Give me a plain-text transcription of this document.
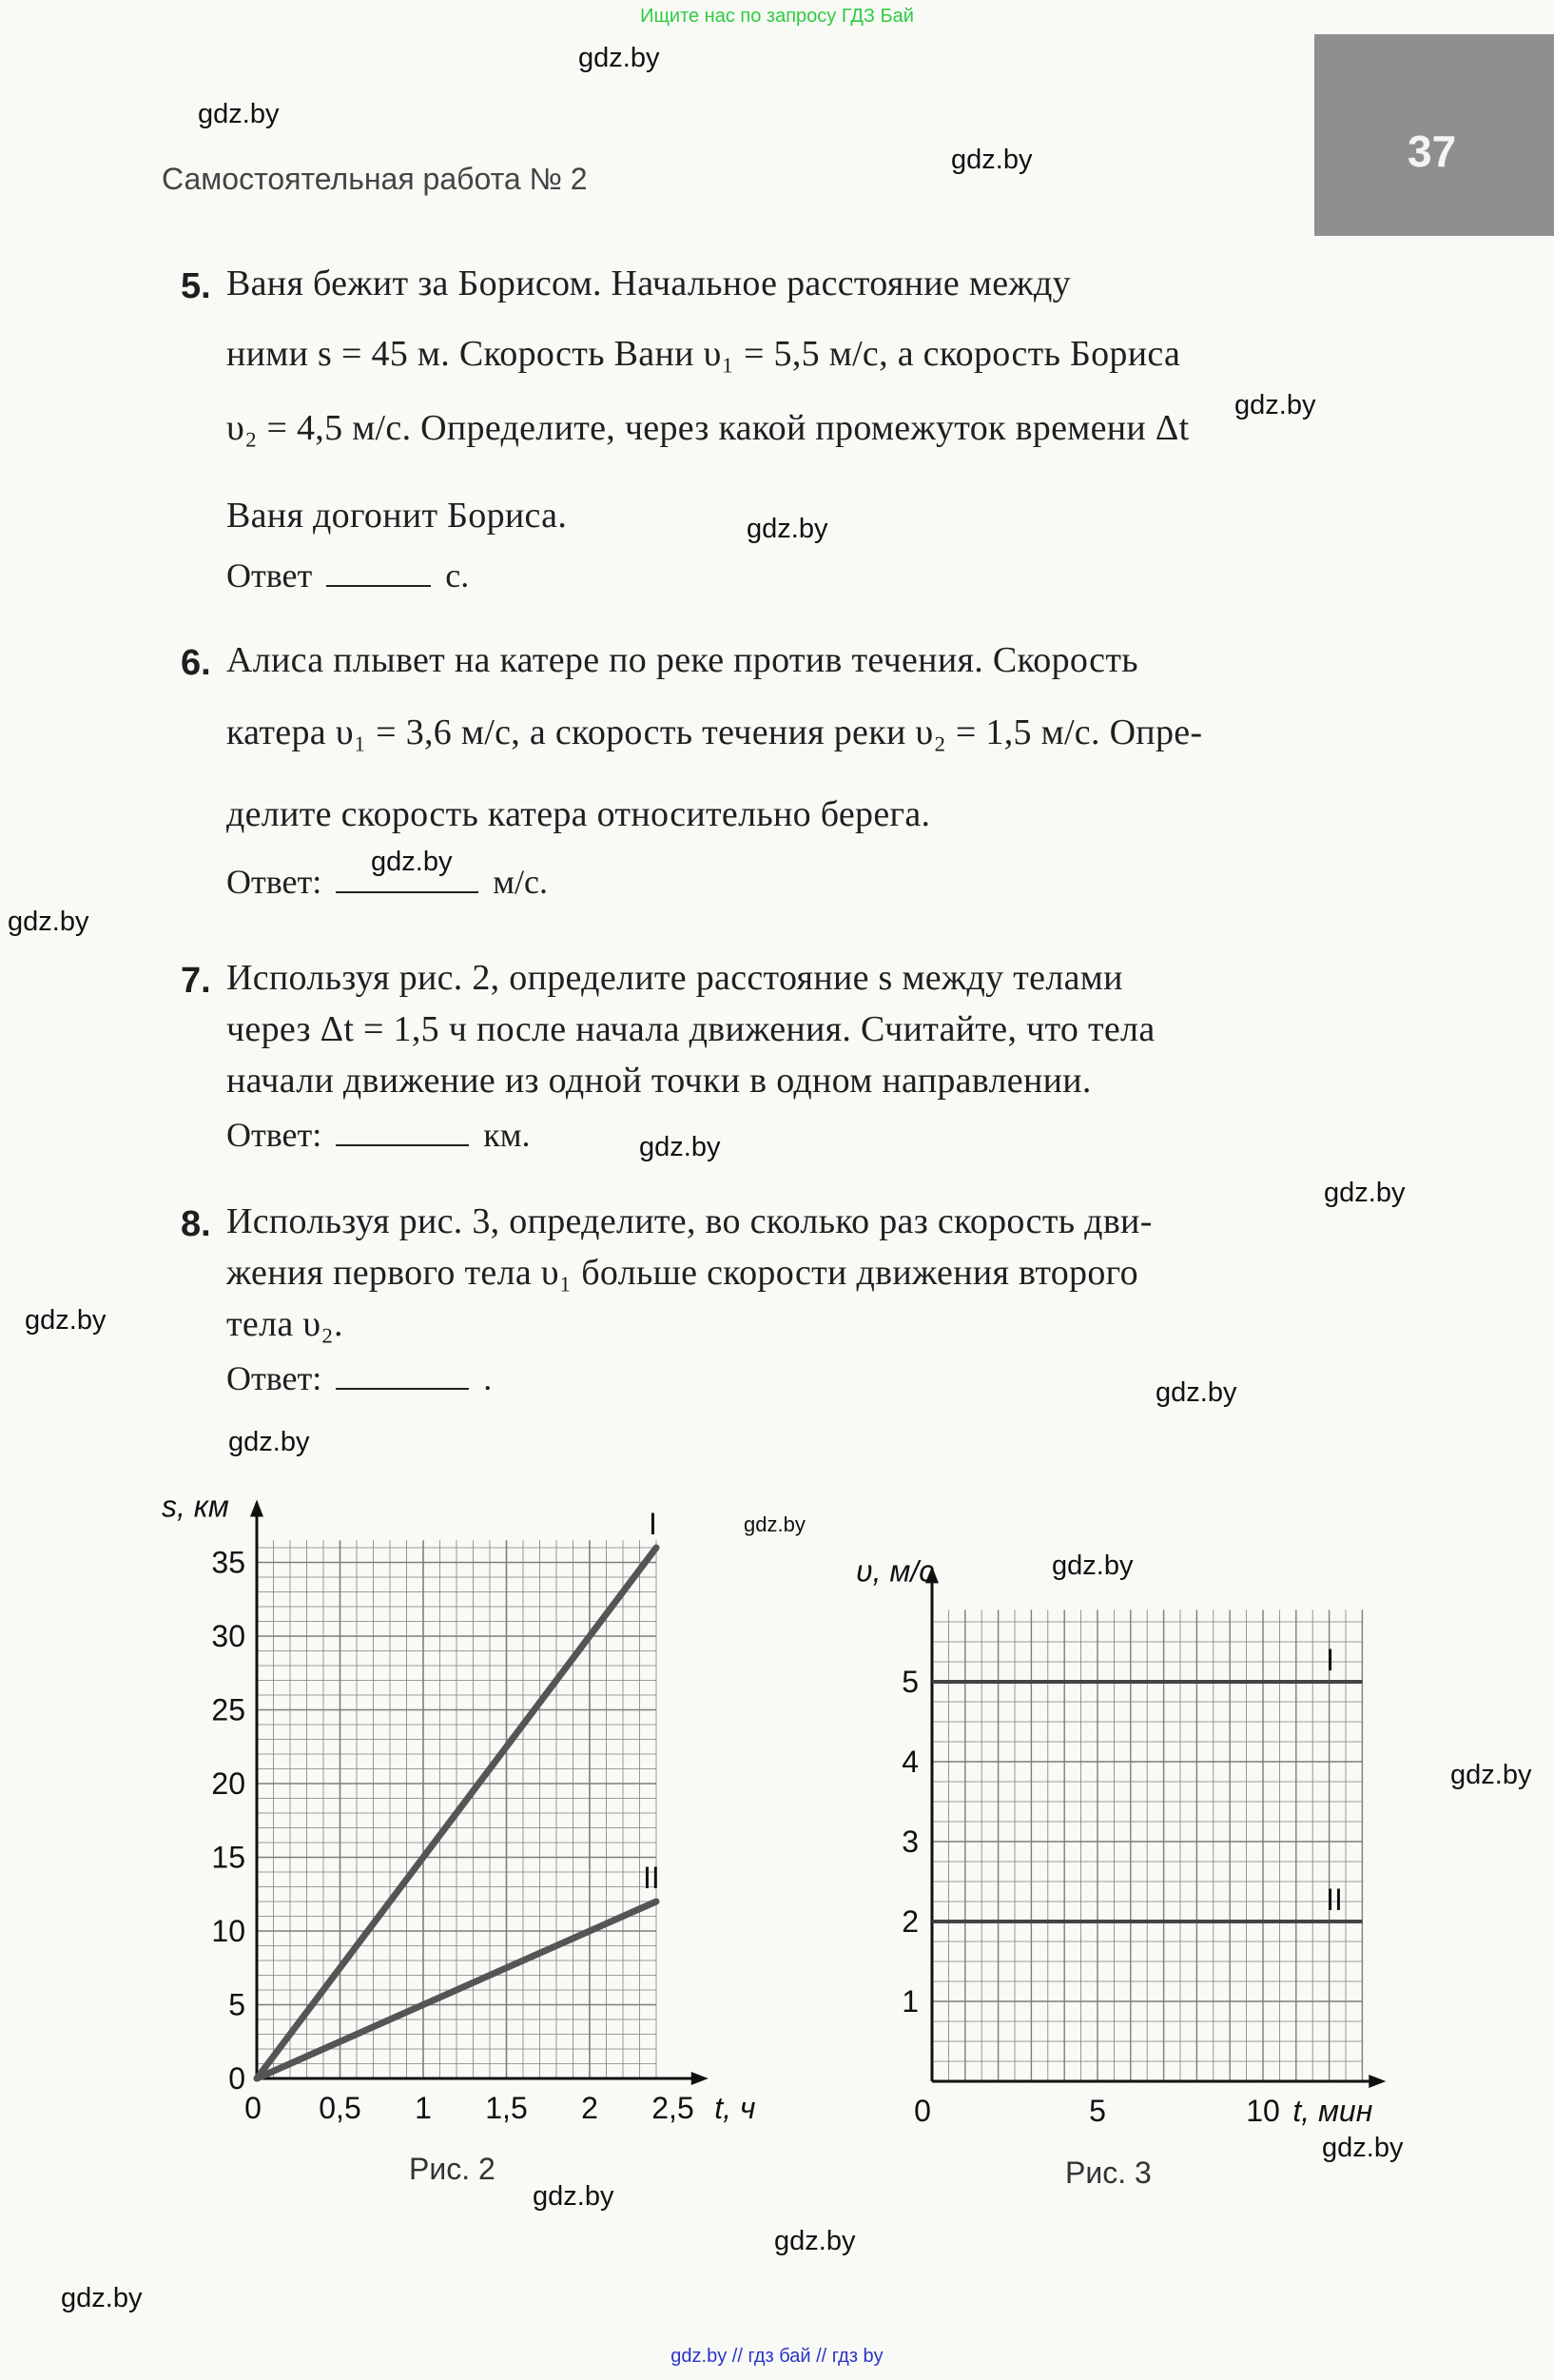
Ищите нас по запросу ГДЗ Бай
gdz.by // гдз бай // гдз by
37
Самостоятельная работа № 2
gdz.by
gdz.by
gdz.by
gdz.by
gdz.by
gdz.by
gdz.by
gdz.by
gdz.by
gdz.by
gdz.by
gdz.by
gdz.by
gdz.by
gdz.by
gdz.by
gdz.by
gdz.by
gdz.by
5. Ваня бежит за Борисом. Начальное расстояние между
ними s = 45 м. Скорость Вани υ₁ = 5,5 м/с, а скорость Бориса
υ₂ = 4,5 м/с. Определите, через какой промежуток времени Δt
Ваня догонит Бориса.
Ответ	с.
6. Алиса плывет на катере по реке против течения. Скорость
катера υ₁ = 3,6 м/с, а скорость течения реки υ₂ = 1,5 м/с. Опре-
делите скорость катера относительно берега.
Ответ:	м/с.
7. Используя рис. 2, определите расстояние s между телами
через Δt = 1,5 ч после начала движения. Считайте, что тела
начали движение из одной точки в одном направлении.
Ответ:	км.
8. Используя рис. 3, определите, во сколько раз скорость дви-
жения первого тела υ₁ больше скорости движения второго
тела υ₂.
Ответ:	.
0 0,5 1 1,5 2 2,5
0
5
10
15
20
25
30
35
t, ч
s, км
I
II
Рис. 2
0	5	10
1
2
3
4
5
t, мин
υ, м/с
I
II
Рис. 3
